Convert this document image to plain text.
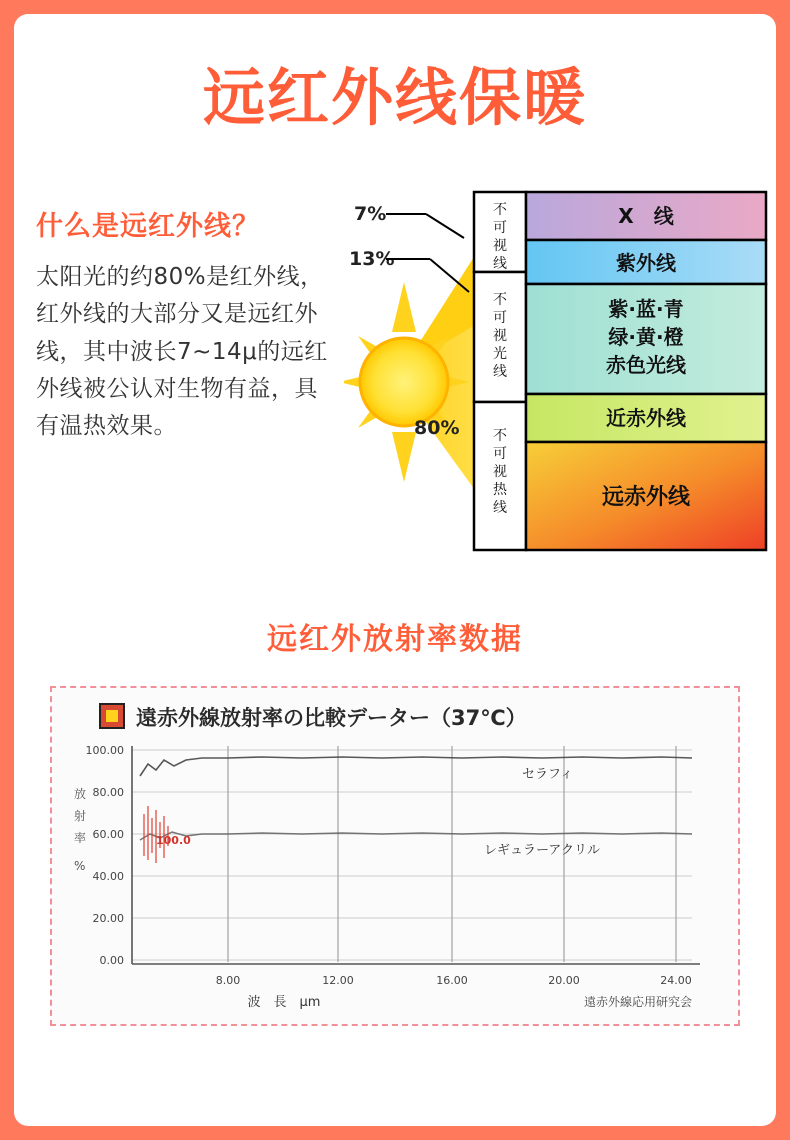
远红外线保暖
什么是远红外线？
太阳光的约80%是红外线，红外线的大部分又是远红外线，其中波长7~14μ的远红外线被公认对生物有益，具有温热效果。
7%
13%
80%
不
可
视
线
不
可
视
光
线
不
可
视
热
线
X　线
紫外线
紫·蓝·青
绿·黄·橙
赤色光线
近赤外线
远赤外线
远红外放射率数据
遠赤外線放射率の比較データー（37℃）
放
射
率
%
100.00
80.00
60.00
40.00
20.00
0.00
100.0
セラフィ
レギュラーアクリル
8.00	12.00	16.00	20.00	24.00
波　長　μm	遠赤外線応用研究会
